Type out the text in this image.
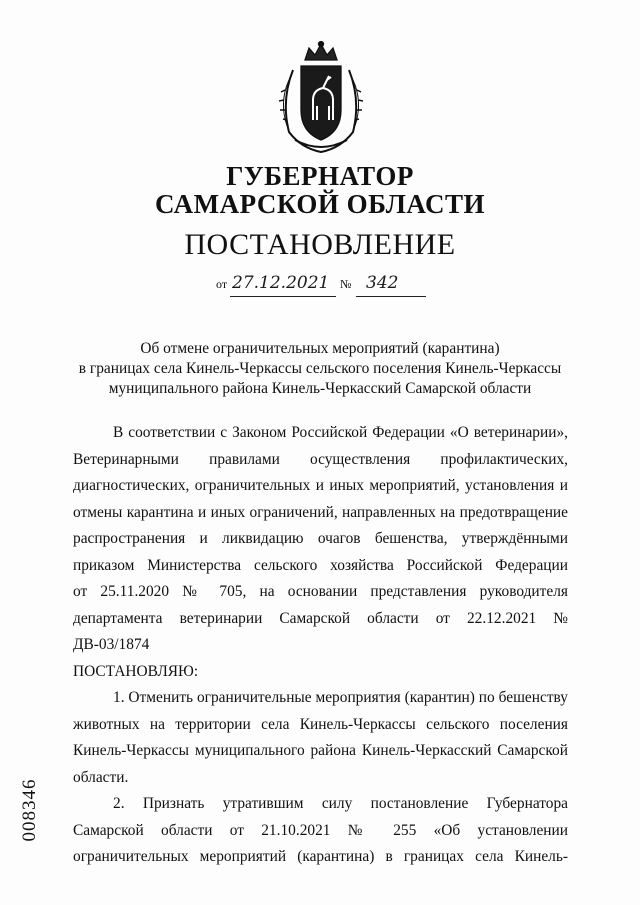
ГУБЕРНАТОР
САМАРСКОЙ ОБЛАСТИ
ПОСТАНОВЛЕНИЕ
от 27.12.2021 № 342
Об отмене ограничительных мероприятий (карантина)
в границах села Кинель-Черкассы сельского поселения Кинель-Черкассы
муниципального района Кинель-Черкасский Самарской области

В соответствии с Законом Российской Федерации «О ветеринарии»,

Ветеринарными правилами осуществления профилактических,

диагностических, ограничительных и иных мероприятий, установления и

отмены карантина и иных ограничений, направленных на предотвращение

распространения и ликвидацию очагов бешенства, утверждёнными

приказом Министерства сельского хозяйства Российской Федерации

от 25.11.2020 № 705, на основании представления руководителя

департамента ветеринарии Самарской области от 22.12.2021 № ДВ-03/1874

ПОСТАНОВЛЯЮ:

1. Отменить ограничительные мероприятия (карантин) по бешенству

животных на территории села Кинель-Черкассы сельского поселения

Кинель-Черкассы муниципального района Кинель-Черкасский Самарской

области.

2. Признать утратившим силу постановление Губернатора

Самарской области от 21.10.2021 № 255 «Об установлении

ограничительных мероприятий (карантина) в границах села Кинель-

008346
